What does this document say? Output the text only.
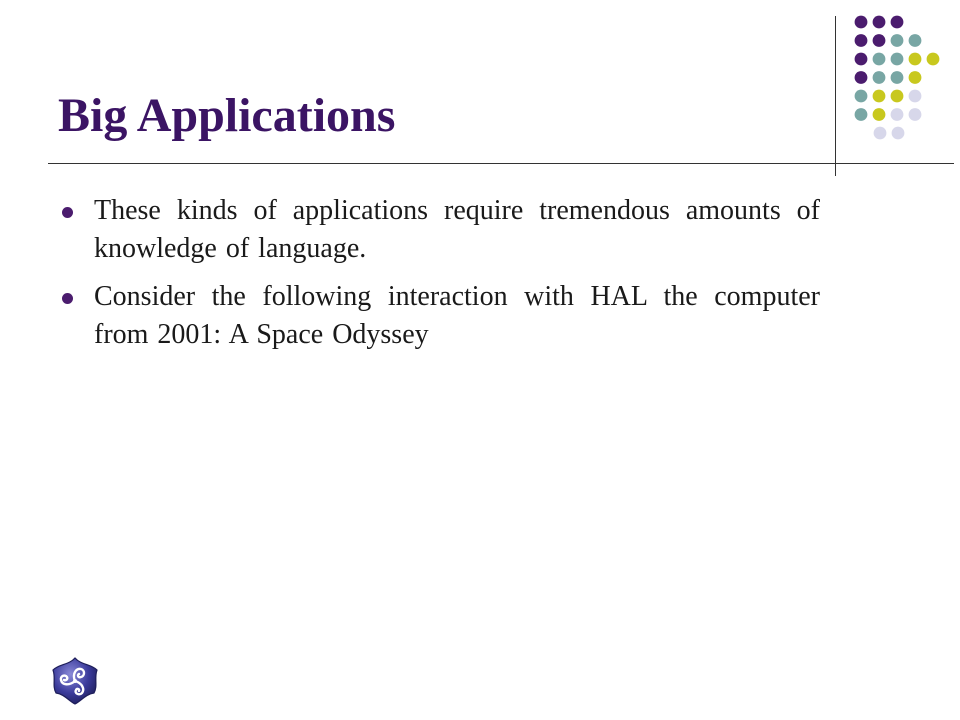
Big Applications
These kinds of applications require tremendous amounts of knowledge of language.
Consider the following interaction with HAL the computer from 2001: A Space Odyssey
